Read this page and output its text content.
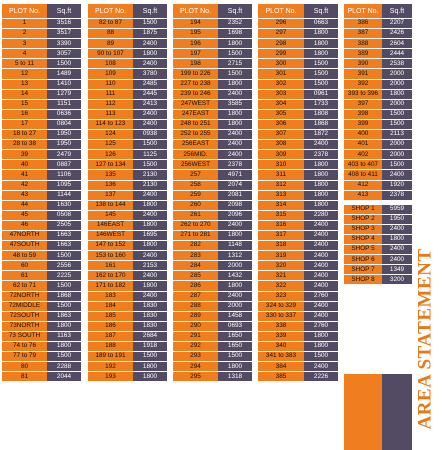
PLOT No.	Sq.ft
1	3516
2	3517
3	3390
4	3057
5 to 11	1500
12	1489
13	1410
14	1279
15	1151
16	0636
17	0804
18 to 27	1950
28 to 38	1950
39	2479
40	0887
41	1106
42	1095
43	1144
44	1630
45	0508
46	2505
47NORTH	1663
47SOUTH	1663
48 to 59	1500
60	2556
61	2225
62 to 71	1500
72NORTH	1868
72MIDDLE	1500
72SOUTH	1863
73NORTH	1800
73 SOUTH	1163
74 to 76	1800
77 to 79	1500
80	2288
81	2044
PLOT No.	Sq.ft
82 to 87	1500
88	1875
89	2400
90 to 107	1800
108	2400
109	3780
110	2485
111	2445
112	2413
113	2400
114 to 123	2400
124	0938
125	1500
126	1125
127 to 134	1500
135	2130
136	2130
137	2400
138 to 144	1800
145	2400
146EAST	1800
146WEST	1695
147 to 152	1800
153 to 160	2400
161	2153
162 to 170	2400
171 to 182	1800
183	2400
184	1830
185	1830
186	1830
187	2684
188	1918
189 to 191	1500
192	1800
193	1800
PLOT No.	Sq.ft
194	2352
195	1698
196	1800
197	1500
198	2715
199 to 226	1500
227 to 238	1800
239 to 246	2400
247WEST	3585
247EAST	1800
248 to 251	1800
252 to 255	2400
256EAST	2400
256MID.	2400
256WEST	2378
257	4971
258	2074
259	2081
260	2098
261	2096
262 to 270	2400
271 to 281	1800
282	1148
283	1312
284	2000
285	1432
286	1800
287	2400
288	2000
289	1458
290	0693
291	1650
292	1650
293	1500
294	1800
295	1318
PLOT No.	Sq.ft
296	0663
297	1800
298	1800
299	1800
300	1500
301	1500
302	1500
303	0961
304	1733
305	1808
306	1868
307	1872
308	2400
309	2378
310	1800
311	1800
312	1800
313	1800
314	1800
315	2280
316	2400
317	2400
318	2400
319	2400
320	2400
321	2400
322	2400
323	2760
324 to 329	2400
330 to 337	2400
338	2760
339	1800
340	1800
341 to 383	1500
384	2400
385	2226
PLOT No.	Sq.ft
386	2207
387	2426
388	2604
389	2444
390	2538
391	2000
392	2000
393 to 396	1800
397	2000
398	1500
399	1500
400	2113
401	2000
402	2000
403 to 407	1500
408 to 411	2400
412	1920
413	2378

SHOP 1	5959
SHOP 2	1950
SHOP 3	2400
SHOP 4	1800
SHOP 5	2400
SHOP 6	2400
SHOP 7	1349
SHOP 8	3200 AREA STATEMENT
